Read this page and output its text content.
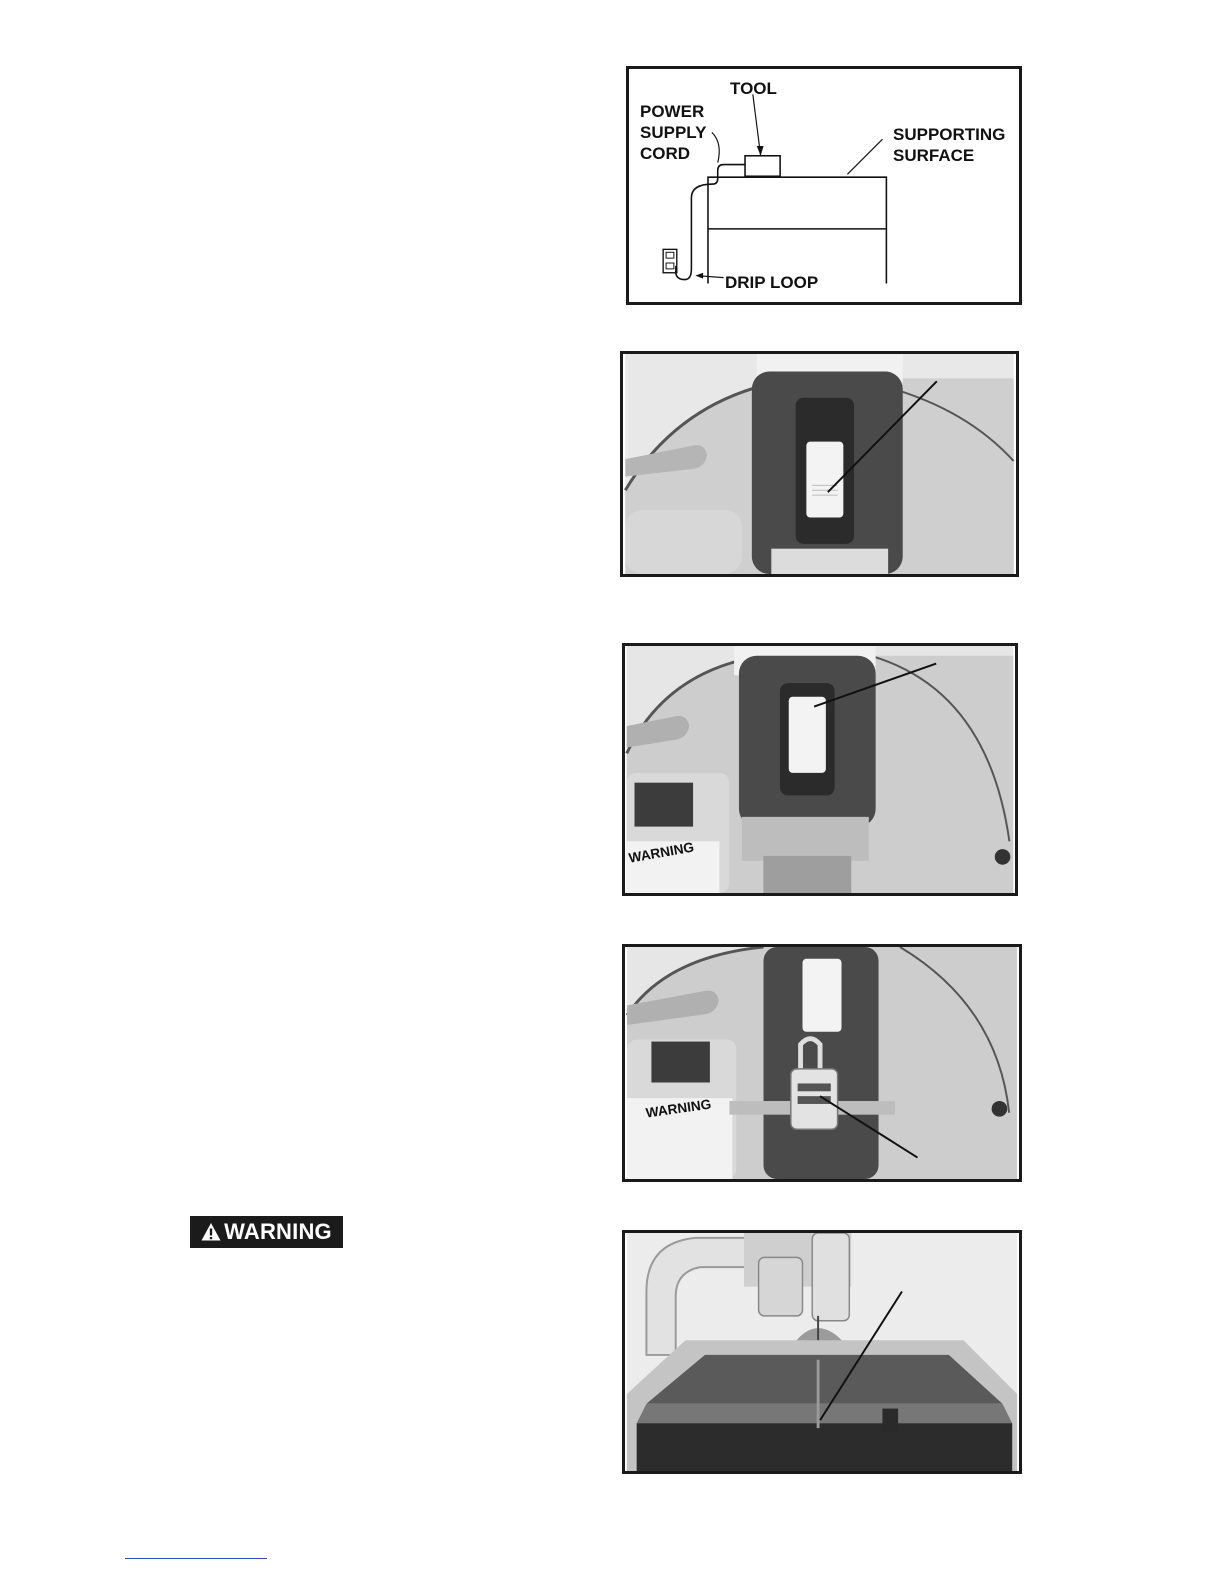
TOOL
POWER
SUPPLY
CORD
SUPPORTING
SURFACE
DRIP LOOP
WARNING
WARNING
WARNING
